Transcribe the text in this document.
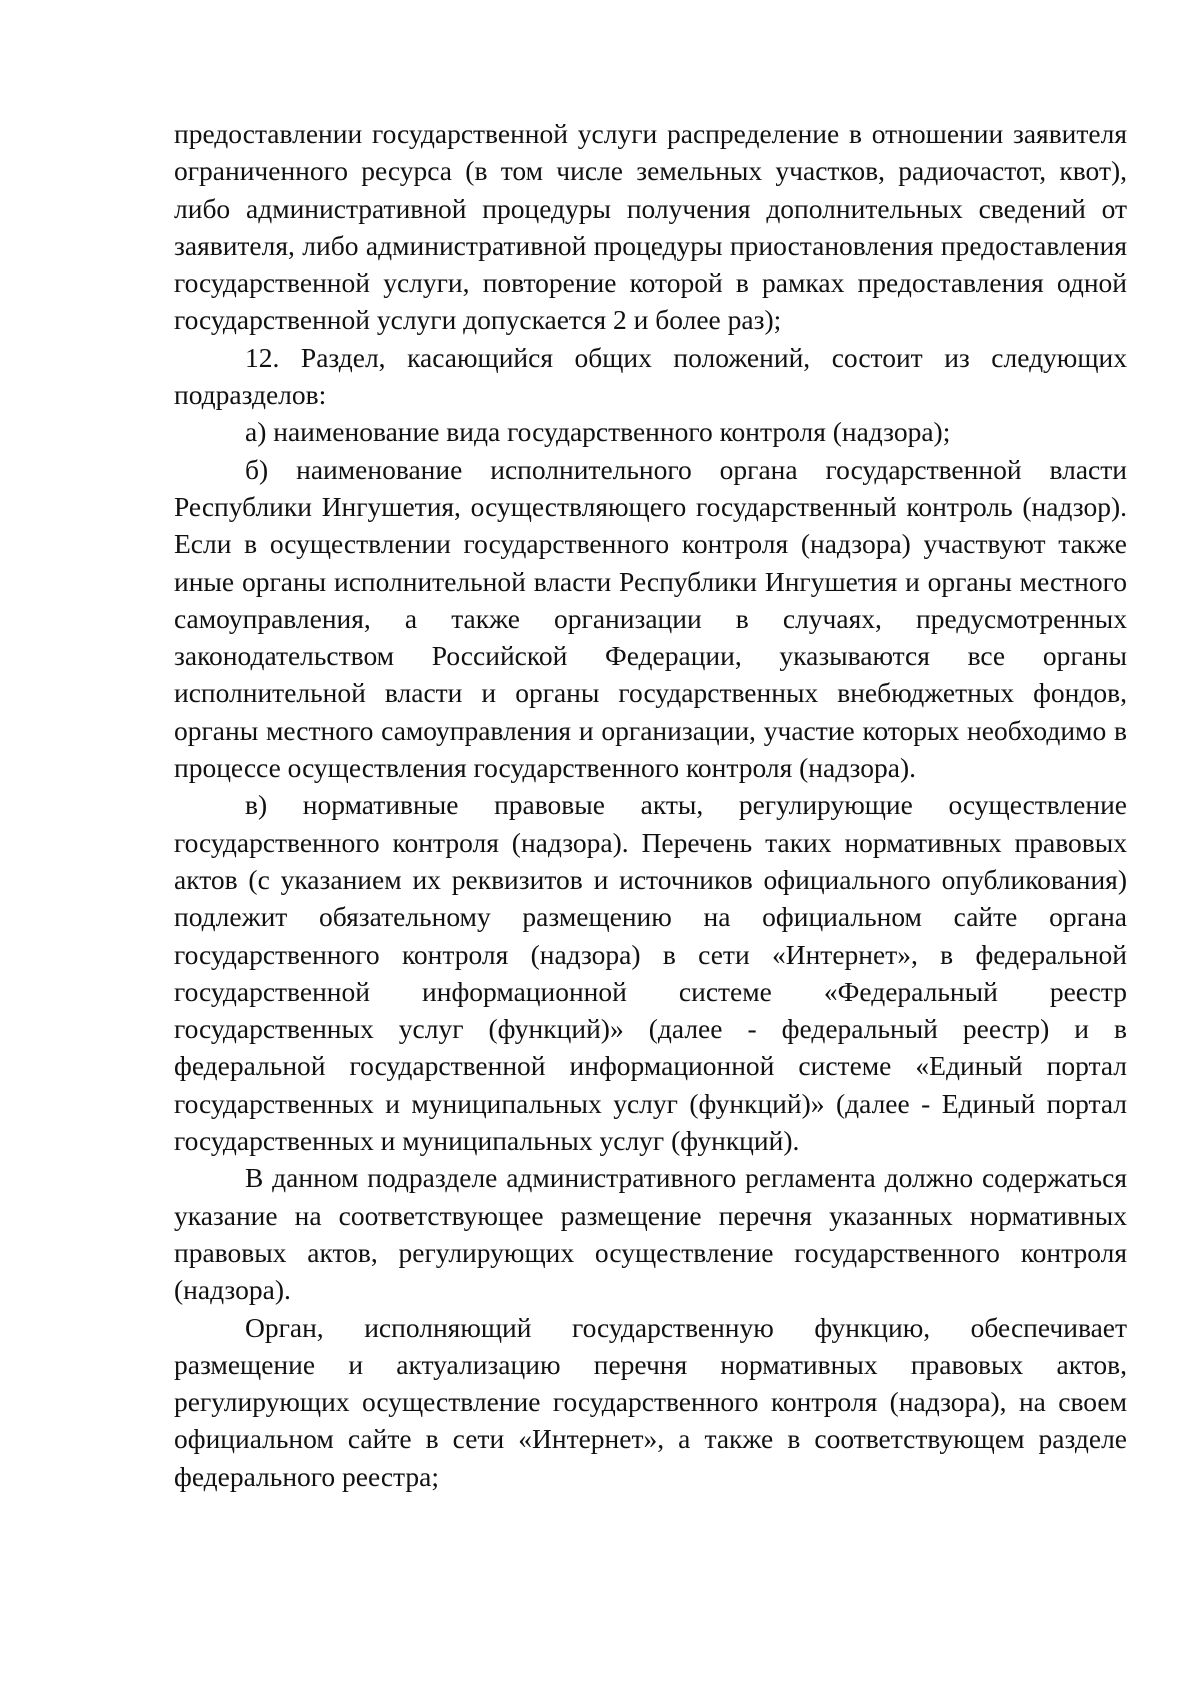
предоставлении государственной услуги распределение в отношении заявителя ограниченного ресурса (в том числе земельных участков, радиочастот, квот), либо административной процедуры получения дополнительных сведений от заявителя, либо административной процедуры приостановления предоставления государственной услуги, повторение которой в рамках предоставления одной государственной услуги допускается 2 и более раз);

12. Раздел, касающийся общих положений, состоит из следующих подразделов:

а) наименование вида государственного контроля (надзора);

б) наименование исполнительного органа государственной власти Республики Ингушетия, осуществляющего государственный контроль (надзор). Если в осуществлении государственного контроля (надзора) участвуют также иные органы исполнительной власти Республики Ингушетия и органы местного самоуправления, а также организации в случаях, предусмотренных законодательством Российской Федерации, указываются все органы исполнительной власти и органы государственных внебюджетных фондов, органы местного самоуправления и организации, участие которых необходимо в процессе осуществления государственного контроля (надзора).

в) нормативные правовые акты, регулирующие осуществление государственного контроля (надзора). Перечень таких нормативных правовых актов (с указанием их реквизитов и источников официального опубликования) подлежит обязательному размещению на официальном сайте органа государственного контроля (надзора) в сети «Интернет», в федеральной государственной информационной системе «Федеральный реестр государственных услуг (функций)» (далее - федеральный реестр) и в федеральной государственной информационной системе «Единый портал государственных и муниципальных услуг (функций)» (далее - Единый портал государственных и муниципальных услуг (функций).

В данном подразделе административного регламента должно содержаться указание на соответствующее размещение перечня указанных нормативных правовых актов, регулирующих осуществление государственного контроля (надзора).

Орган, исполняющий государственную функцию, обеспечивает размещение и актуализацию перечня нормативных правовых актов, регулирующих осуществление государственного контроля (надзора), на своем официальном сайте в сети «Интернет», а также в соответствующем разделе федерального реестра;
